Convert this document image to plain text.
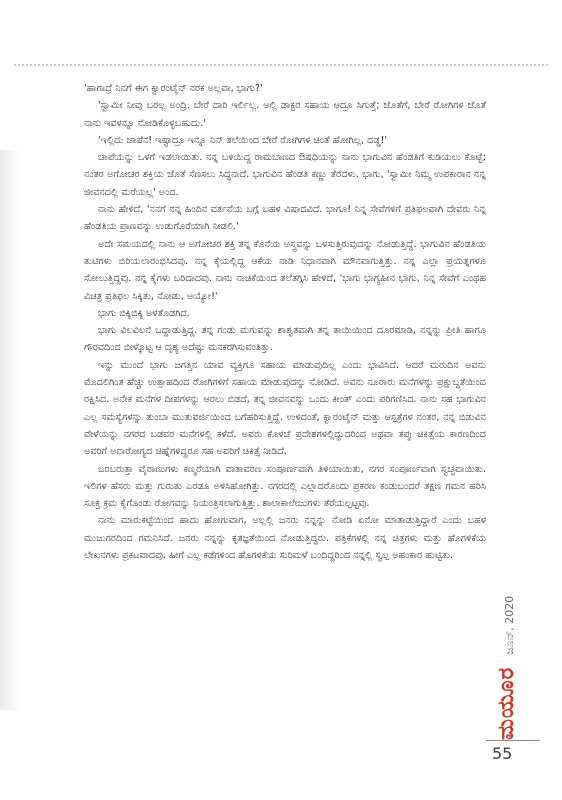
'ಹಾಗಾದ್ರೆ ನಿನಗೆ ಈಗ ಕ್ವಾರಂಟೈನ್ ನರಕ ಅಲ್ಲವಾ, ಭಾಗು?'

'ಸ್ವಾಮೀ ನೀವು ಬರಲ್ಲ ಅಂದ್ರಿ. ಬೇರೆ ದಾರಿ ಇರ್ಲಿಲ್ಲ. ಅಲ್ಲಿ ಡಾಕ್ಟರ ಸಹಾಯ ಆದ್ರೂ ಸಿಗುತ್ತೆ; ಜೊತೆಗೆ, ಬೇರೆ ರೋಗಿಗಳ ಜೊತೆ ನಾನು ಇವಳನ್ನೂ ನೋಡಿಕೊಳ್ಳಬಹುದು.'

'ಇಲ್ಲಿದು ಚಾಪೆನ! ಇಷ್ಟಾದ್ರೂ ಇನ್ನೂ ನಿನ್ ತಲೆಯಿಂದ ಬೇರೆ ರೋಗಿಗಳ ಚಿಂತೆ ಹೋಗಿಲ್ಲ, ದಡ್ಡ!'

ಚಾಪೆಯನ್ನು ಒಳಗೆ ಇಡಲಾಯಿತು. ನನ್ನ ಬಳಿಯಿದ್ದ ರಾಮಬಾಣದ ಔಷಧಿಯನ್ನು ನಾನು ಭಾಗುವಿನ ಹೆಂಡತಿಗೆ ಕುಡಿಯಲು ಕೊಟ್ಟೆ; ನಂತರ ಅಗೋಚರ ಶಕ್ತಿಯ ಜೊತೆ ಸೆಣಸಲು ಸಿದ್ಧನಾದೆ. ಭಾಗುವಿನ ಹೆಂಡತಿ ಕಣ್ಣು ತೆರೆದಳು. ಭಾಗು, 'ಸ್ವಾಮೀ ನಿಮ್ಮ ಉಪಕಾರಾನ ನನ್ನ ಜೀವನದಲ್ಲಿ ಮರೆಯಲ್ಲ' ಅಂದ.

ನಾನು ಹೇಳಿದೆ, 'ನನಗೆ ನನ್ನ ಹಿಂದಿನ ವರ್ತನೆಯ ಬಗ್ಗೆ ಬಹಳ ವಿಷಾದವಿದೆ. ಭಾಗೂ! ನಿನ್ನ ಸೇವೆಗಳಿಗೆ ಪ್ರತಿಫಲವಾಗಿ ದೇವರು ನಿನ್ನ ಹೆಂಡತಿಯ ಪ್ರಾಣವನ್ನು ಉಡುಗೊರೆಯಾಗಿ ನೀಡಲಿ.'

ಅದೇ ಸಮಯದಲ್ಲಿ ನಾನು ಆ ಅಗೋಚರ ಶಕ್ತಿ ತನ್ನ ಕೊನೆಯ ಅಸ್ತ್ರವನ್ನು ಬಳಸುತ್ತಿರುವುದನ್ನು ನೋಡುತ್ತಿದ್ದೆ. ಭಾಗುವಿನ ಹೆಂಡತಿಯ ತುಟಿಗಳು ಬಿರಿಯಲಾರಂಭಿಸಿದವು. ನನ್ನ ಕೈಯಲ್ಲಿದ್ದ ಆಕೆಯ ನಾಡಿ ನಿಧಾನವಾಗಿ ಮೌನವಾಗುತ್ತಿತ್ತು. ನನ್ನ ಎಲ್ಲಾ ಪ್ರಯತ್ನಗಳೂ ಸೋಲುತ್ತಿದ್ದವು. ನನ್ನ ಕೈಗಳು ಬರಿದಾದವು. ನಾನು ನಾಚಿಕೆಯಿಂದ ತಲೆತಗ್ಗಿಸಿ ಹೇಳಿದೆ, 'ಭಾಗು ಭಾಗ್ಯಹೀನ ಭಾಗು, ನಿನ್ನ ಸೇವೆಗೆ ಎಂಥಹ ವಿಚಿತ್ರ ಪ್ರತಿಫಲ ಸಿಕ್ಕಿತು, ನೋಡು, ಅಯ್ಯೋ!'

ಭಾಗು ಬಿಕ್ಕಿಬಿಕ್ಕಿ ಅಳತೊಡಗಿದ.

ಭಾಗು ವಿಲವಿಲನೆ ಒದ್ದಾಡುತ್ತಿದ್ದ. ತನ್ನ ಗಂಡು ಮಗುವನ್ನು ಶಾಶ್ವತವಾಗಿ ತನ್ನ ತಾಯಿಯಿಂದ ದೂರಮಾಡಿ, ನನ್ನನ್ನು ಪ್ರೀತಿ ಹಾಗೂ ಗೌರವದಿಂದ ಬೀಳ್ಕೊಟ್ಟ ಆ ದೃಶ್ಯ ಅದೆಷ್ಟು ಮನಕರಗಿಸುವಂತಿತ್ತು.

ಇನ್ನು ಮುಂದೆ ಭಾಗು ಜಗತ್ತಿನ ಯಾವ ವ್ಯಕ್ತಿಗೂ ಸಹಾಯ ಮಾಡುವುದಿಲ್ಲ ಎಂದು ಭಾವಿಸಿದೆ. ಆದರೆ ಮರುದಿನ ಅವನು ಮೊದಲಿಗಿಂತ ಹೆಚ್ಚು ಉತ್ಸಾಹದಿಂದ ರೋಗಿಗಳಿಗೆ ಸಹಾಯ ಮಾಡುವುದನ್ನು ನೋಡಿದೆ. ಅವನು ನೂರಾರು ಮನೆಗಳನ್ನು ಪ್ರಕ್ಷುಬ್ಧತೆಯಿಂದ ರಕ್ಷಿಸಿದ. ಅನೇಕ ಮನೆಗಳ ದೀಪಗಳನ್ನು ಆರಲು ಬಿಡದೆ, ತನ್ನ ಜೀವನವನ್ನು ಒಂದು ಕೀಂತ್‌ ಎಂದು ಪರಿಗಣಿಸಿದ. ನಾನು ಸಹ ಭಾಗುವಿನ ಎಲ್ಲ ಸಮಸ್ಯೆಗಳನ್ನು ತುಂಬಾ ಮುತುವರ್ಜಿಯಿಂದ ಬಗೆಹರಿಸುತ್ತಿದ್ದೆ. ಉಳಿದಂತೆ, ಕ್ವಾರಂಟೈನ್ ಮತ್ತು ಆಸ್ಪತ್ರೆಗಳ ನಂತರ, ನನ್ನ ಬಿಡುವಿನ ವೇಳೆಯನ್ನು ನಗರದ ಬಡವರ ಮನೆಗಳಲ್ಲಿ ಕಳೆದೆ. ಅವರು ಕೊಳಚೆ ಪ್ರದೇಶಗಳಲ್ಲಿದ್ದುದರಿಂದ ಅಥವಾ ತಪ್ಪು ಚಿಕಿತ್ಸೆಯ ಕಾರಣದಿಂದ ಅವರಿಗೆ ಅನಾರೋಗ್ಯದ ಚಿಹ್ನೆಗಳಿದ್ದರೂ ಸಹ ಅವರಿಗೆ ಚಿಕಿತ್ಸೆ ನೀಡಿದೆ.

ಬರಬರುತ್ತಾ ವೈರಾಣುಗಳು ಕಣ್ಮರೆಯಾಗಿ ವಾತಾವರಣ ಸಂಪೂರ್ಣವಾಗಿ ತಿಳಿಯಾಯಿತು, ನಗರ ಸಂಪೂರ್ಣವಾಗಿ ಸ್ವಚ್ಛವಾಯಿತು. ಇಲಿಗಳ ಹೆಸರು ಮತ್ತು ಗುರುತು ಎರಡೂ ಅಳಿಸಿಹೋಗಿತ್ತು. ನಗರದಲ್ಲಿ ಎಲ್ಲಾದರೊಂದು ಪ್ರಕರಣ ಕಂಡುಬಂದರೆ ತಕ್ಷಣ ಗಮನ ಹರಿಸಿ ಸೂಕ್ತ ಕ್ರಮ ಕೈಗೊಂಡು ರೋಗವನ್ನು ನಿಯಂತ್ರಿಸಲಾಗುತ್ತಿತ್ತು. ಶಾಲಾಕಾಲೇಜುಗಳು ತೆರೆಯಲ್ಪಟ್ಟವು.

ನಾನು ಮಾರುಕಟ್ಟೆಯಿಂದ ಹಾದು ಹೋಗುವಾಗ, ಅಲ್ಲಲ್ಲಿ ಜನರು ನನ್ನನ್ನು ನೋಡಿ ಏನೋ ಮಾತಾಡುತ್ತಿದ್ದಾರೆ ಎಂದು ಬಹಳ ಮುಜುಗರದಿಂದ ಗಮನಿಸಿದೆ. ಜನರು ನನ್ನನ್ನು ಕೃತಜ್ಞತೆಯಿಂದ ನೋಡುತ್ತಿದ್ದರು. ಪತ್ರಿಕೆಗಳಲ್ಲಿ ನನ್ನ ಚಿತ್ರಗಳು ಮತ್ತು ಹೊಗಳಿಕೆಯ ಲೇಖನಗಳು ಪ್ರಕಟವಾದವು. ಹೀಗೆ ಎಲ್ಲ ಕಡೆಗಳಿಂದ ಹೊಗಳಿಕೆಯ ಸುರಿಮಳೆ ಬಂದಿದ್ದರಿಂದ ನನ್ನಲ್ಲಿ ಸ್ವಲ್ಪ ಅಹಂಕಾರ ಹುಟ್ಟಿತು.

ಮಯೂರ
ಜೂನ್, 2020
55
